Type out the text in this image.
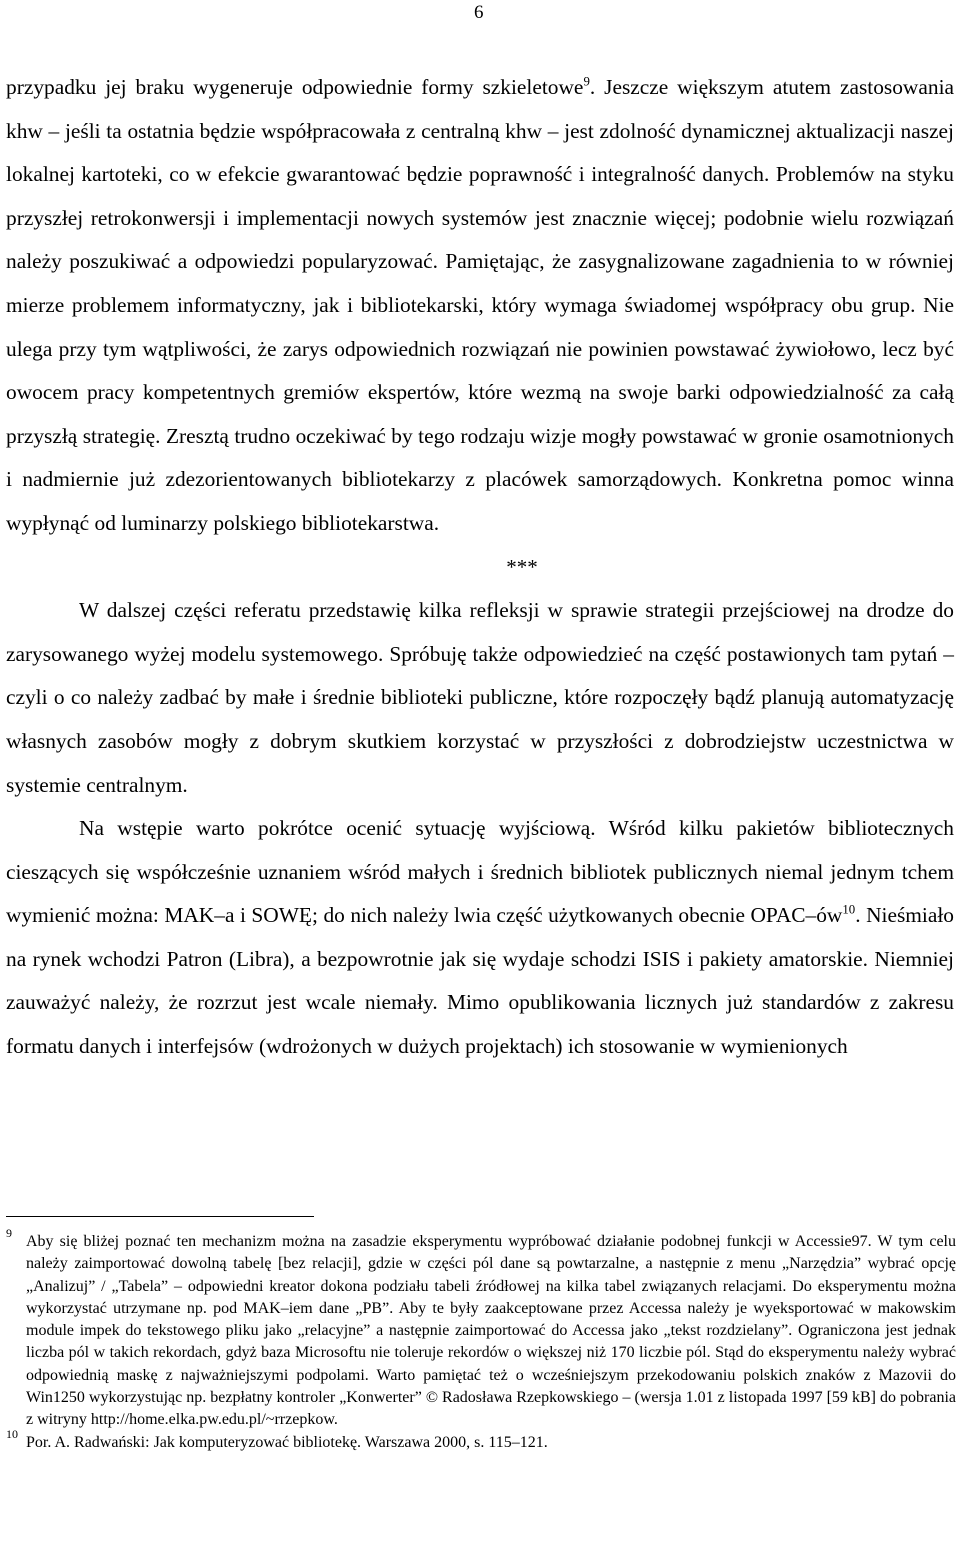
6

przypadku jej braku wygeneruje odpowiednie formy szkieletowe$^9$. Jeszcze większym atutem zastosowania khw – jeśli ta ostatnia będzie współpracowała z centralną khw – jest zdolność dynamicznej aktualizacji naszej lokalnej kartoteki, co w efekcie gwarantować będzie poprawność i integralność danych. Problemów na styku przyszłej retrokonwersji i implementacji nowych systemów jest znacznie więcej; podobnie wielu rozwiązań należy poszukiwać a odpowiedzi popularyzować. Pamiętając, że zasygnalizowane zagadnienia to w równiej mierze problemem informatyczny, jak i bibliotekarski, który wymaga świadomej współpracy obu grup. Nie ulega przy tym wątpliwości, że zarys odpowiednich rozwiązań nie powinien powstawać żywiołowo, lecz być owocem pracy kompetentnych gremiów ekspertów, które wezmą na swoje barki odpowiedzialność za całą przyszłą strategię. Zresztą trudno oczekiwać by tego rodzaju wizje mogły powstawać w gronie osamotnionych i nadmiernie już zdezorientowanych bibliotekarzy z placówek samorządowych. Konkretna pomoc winna wypłynąć od luminarzy polskiego bibliotekarstwa.

***

W dalszej części referatu przedstawię kilka refleksji w sprawie strategii przejściowej na drodze do zarysowanego wyżej modelu systemowego. Spróbuję także odpowiedzieć na część postawionych tam pytań – czyli o co należy zadbać by małe i średnie biblioteki publiczne, które rozpoczęły bądź planują automatyzację własnych zasobów mogły z dobrym skutkiem korzystać w przyszłości z dobrodziejstw uczestnictwa w systemie centralnym.

Na wstępie warto pokrótce ocenić sytuację wyjściową. Wśród kilku pakietów bibliotecznych cieszących się współcześnie uznaniem wśród małych i średnich bibliotek publicznych niemal jednym tchem wymienić można: MAK–a i SOWĘ; do nich należy lwia część użytkowanych obecnie OPAC–$ów^{10}$. Nieśmiało na rynek wchodzi Patron (Libra), a bezpowrotnie jak się wydaje schodzi ISIS i pakiety amatorskie. Niemniej zauważyć należy, że rozrzut jest wcale niemały. Mimo opublikowania licznych już standardów z zakresu formatu danych i interfejsów (wdrożonych w dużych projektach) ich stosowanie w wymienionych

9 Aby się bliżej poznać ten mechanizm można na zasadzie eksperymentu wypróbować działanie podobnej funkcji w Accessie97. W tym celu należy zaimportować dowolną tabelę [bez relacji], gdzie w części pól dane są powtarzalne, a następnie z menu „Narzędzia” wybrać opcję „Analizuj” / „Tabela” – odpowiedni kreator dokona podziału tabeli źródłowej na kilka tabel związanych relacjami. Do eksperymentu można wykorzystać utrzymane np. pod MAK–iem dane „PB”. Aby te były zaakceptowane przez Accessa należy je wyeksportować w makowskim module impek do tekstowego pliku jako „relacyjne” a następnie zaimportować do Accessa jako „tekst rozdzielany”. Ograniczona jest jednak liczba pól w takich rekordach, gdyż baza Microsoftu nie toleruje rekordów o większej niż 170 liczbie pól. Stąd do eksperymentu należy wybrać odpowiednią maskę z najważniejszymi podpolami. Warto pamiętać też o wcześniejszym przekodowaniu polskich znaków z Mazovii do Win1250 wykorzystując np. bezpłatny kontroler „Konwerter” © Radosława Rzepkowskiego – (wersja 1.01 z listopada 1997 [59 kB] do pobrania z witryny http://home.elka.pw.edu.pl/~rrzepkow.
10 Por. A. Radwański: Jak komputeryzować bibliotekę. Warszawa 2000, s. 115–121.
